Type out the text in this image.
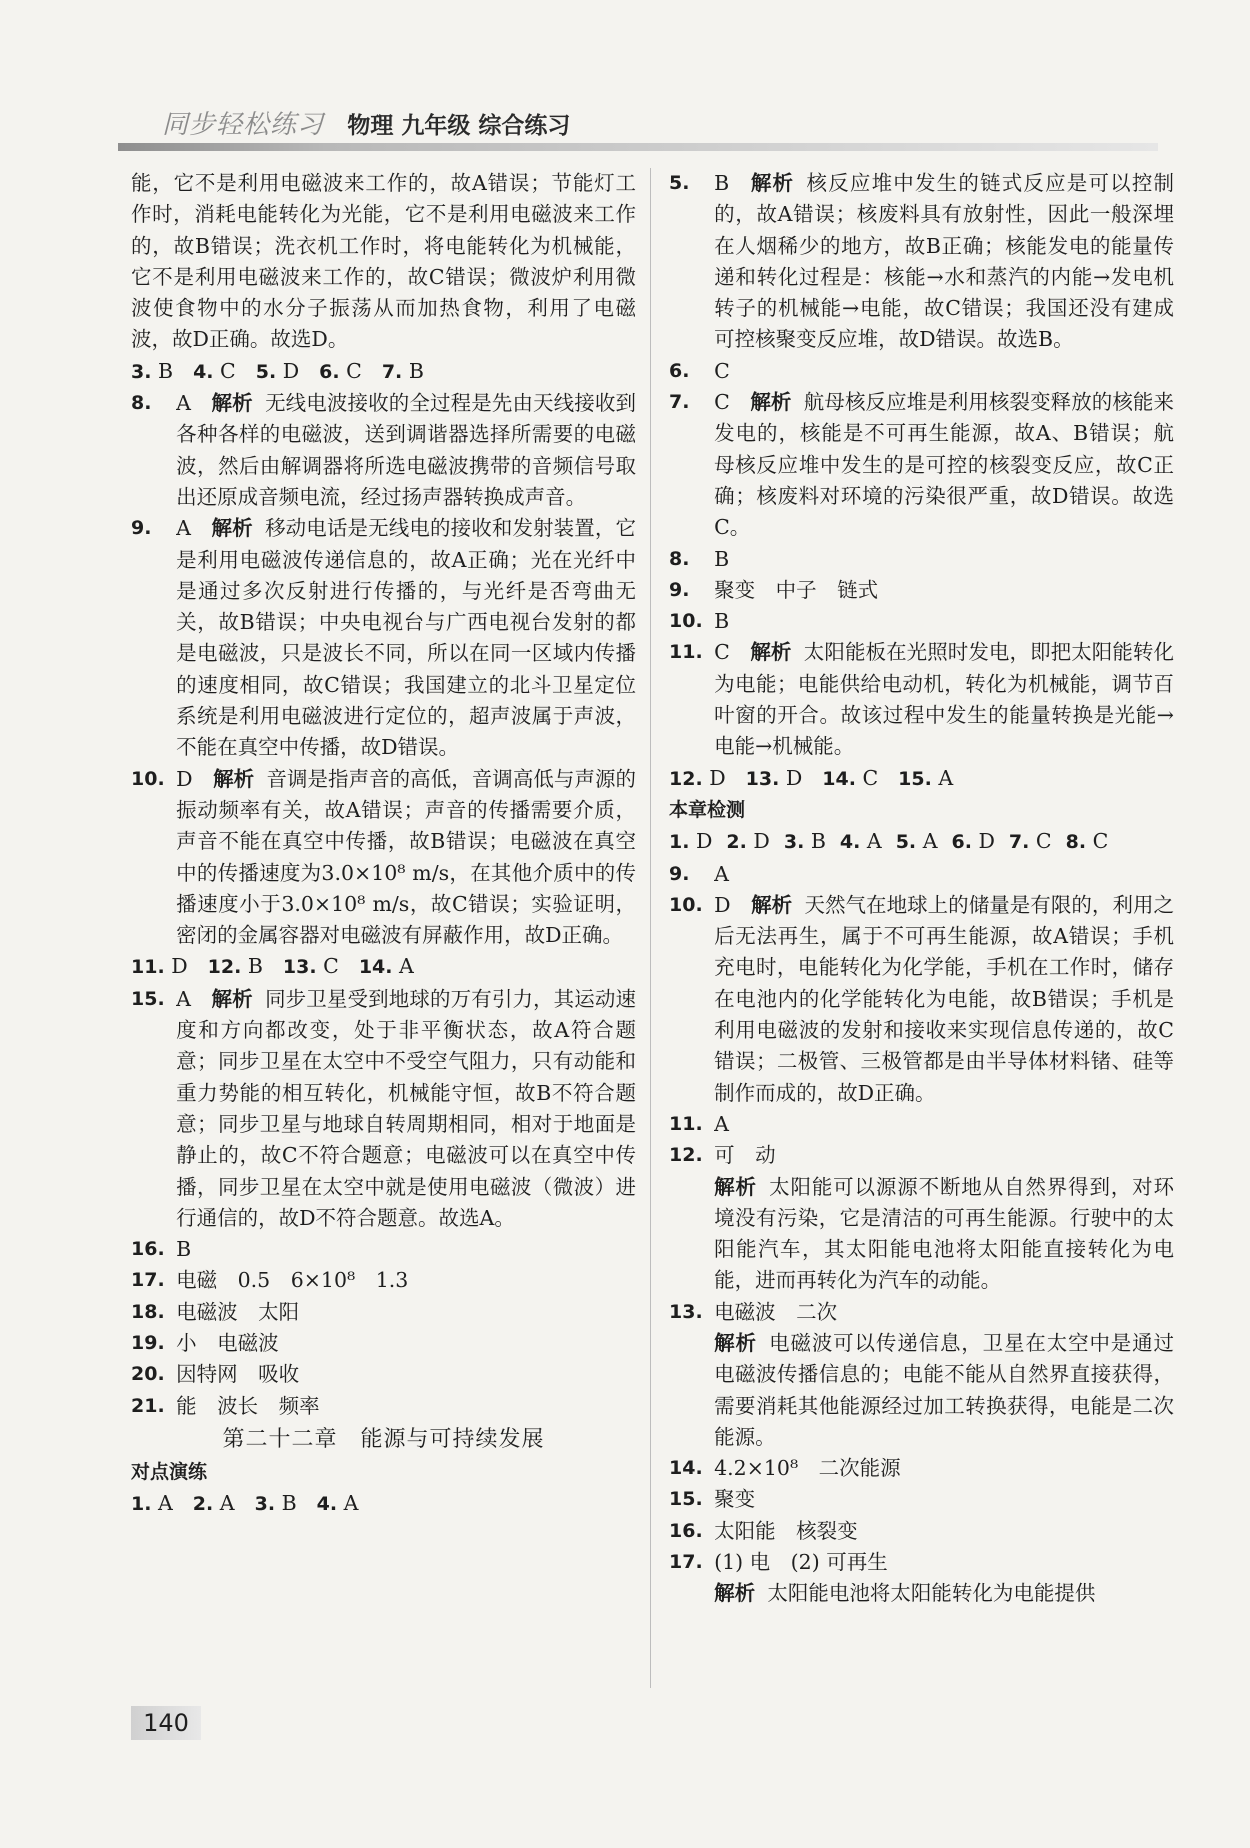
同步轻松练习 物理 九年级 综合练习
能，它不是利用电磁波来工作的，故A错误；节能灯工作时，消耗电能转化为光能，它不是利用电磁波来工作的，故B错误；洗衣机工作时，将电能转化为机械能，它不是利用电磁波来工作的，故C错误；微波炉利用微波使食物中的水分子振荡从而加热食物，利用了电磁波，故D正确。故选D。
3. B 4. C 5. D 6. C 7. B
8. A 解析 无线电波接收的全过程是先由天线接收到各种各样的电磁波，送到调谐器选择所需要的电磁波，然后由解调器将所选电磁波携带的音频信号取出还原成音频电流，经过扬声器转换成声音。
9. A 解析 移动电话是无线电的接收和发射装置，它是利用电磁波传递信息的，故A正确；光在光纤中是通过多次反射进行传播的，与光纤是否弯曲无关，故B错误；中央电视台与广西电视台发射的都是电磁波，只是波长不同，所以在同一区域内传播的速度相同，故C错误；我国建立的北斗卫星定位系统是利用电磁波进行定位的，超声波属于声波，不能在真空中传播，故D错误。
10. D 解析 音调是指声音的高低，音调高低与声源的振动频率有关，故A错误；声音的传播需要介质，声音不能在真空中传播，故B错误；电磁波在真空中的传播速度为3.0×10⁸ m/s，在其他介质中的传播速度小于3.0×10⁸ m/s，故C错误；实验证明，密闭的金属容器对电磁波有屏蔽作用，故D正确。
11. D 12. B 13. C 14. A
15. A 解析 同步卫星受到地球的万有引力，其运动速度和方向都改变，处于非平衡状态，故A符合题意；同步卫星在太空中不受空气阻力，只有动能和重力势能的相互转化，机械能守恒，故B不符合题意；同步卫星与地球自转周期相同，相对于地面是静止的，故C不符合题意；电磁波可以在真空中传播，同步卫星在太空中就是使用电磁波（微波）进行通信的，故D不符合题意。故选A。
16. B
17. 电磁　0.5　6×10⁸　1.3
18. 电磁波　太阳
19. 小　电磁波
20. 因特网　吸收
21. 能　波长　频率
第二十二章　能源与可持续发展
对点演练
1. A 2. A 3. B 4. A
5. B 解析 核反应堆中发生的链式反应是可以控制的，故A错误；核废料具有放射性，因此一般深埋在人烟稀少的地方，故B正确；核能发电的能量传递和转化过程是：核能→水和蒸汽的内能→发电机转子的机械能→电能，故C错误；我国还没有建成可控核聚变反应堆，故D错误。故选B。
6. C
7. C 解析 航母核反应堆是利用核裂变释放的核能来发电的，核能是不可再生能源，故A、B错误；航母核反应堆中发生的是可控的核裂变反应，故C正确；核废料对环境的污染很严重，故D错误。故选C。
8. B
9. 聚变　中子　链式
10. B
11. C 解析 太阳能板在光照时发电，即把太阳能转化为电能；电能供给电动机，转化为机械能，调节百叶窗的开合。故该过程中发生的能量转换是光能→电能→机械能。
12. D 13. D 14. C 15. A
本章检测
1. D 2. D 3. B 4. A 5. A 6. D 7. C 8. C
9. A
10. D 解析 天然气在地球上的储量是有限的，利用之后无法再生，属于不可再生能源，故A错误；手机充电时，电能转化为化学能，手机在工作时，储存在电池内的化学能转化为电能，故B错误；手机是利用电磁波的发射和接收来实现信息传递的，故C错误；二极管、三极管都是由半导体材料锗、硅等制作而成的，故D正确。
11. A
12. 可　动
解析 太阳能可以源源不断地从自然界得到，对环境没有污染，它是清洁的可再生能源。行驶中的太阳能汽车，其太阳能电池将太阳能直接转化为电能，进而再转化为汽车的动能。
13. 电磁波　二次
解析 电磁波可以传递信息，卫星在太空中是通过电磁波传播信息的；电能不能从自然界直接获得，需要消耗其他能源经过加工转换获得，电能是二次能源。
14. 4.2×10⁸　二次能源
15. 聚变
16. 太阳能　核裂变
17. (1) 电　(2) 可再生
解析 太阳能电池将太阳能转化为电能提供
140
